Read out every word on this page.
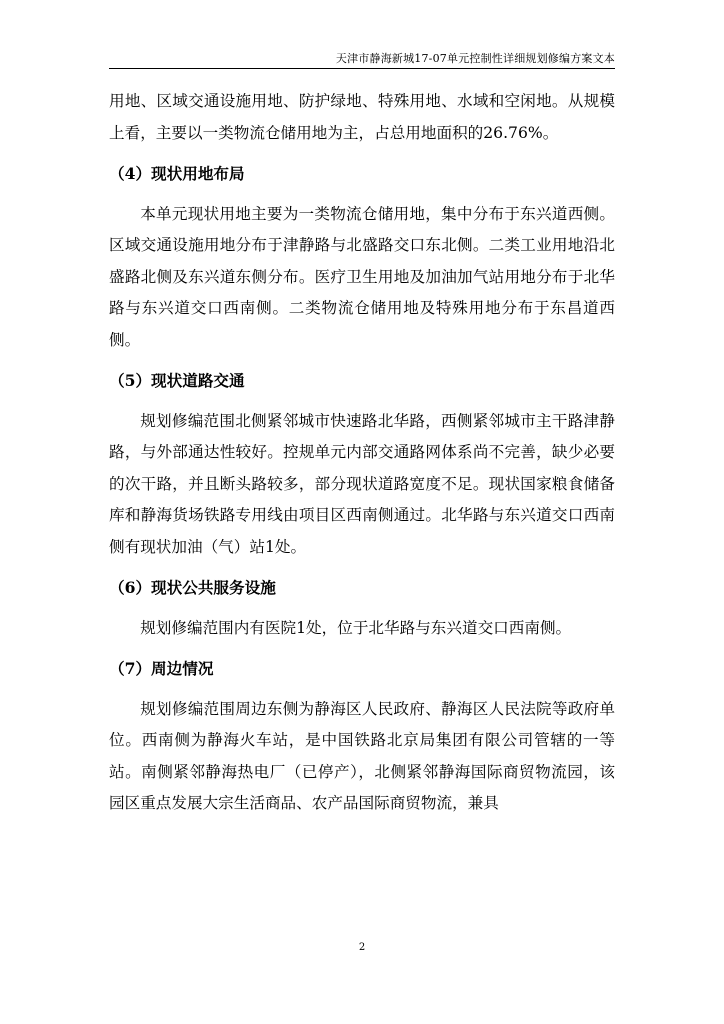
天津市静海新城17-07单元控制性详细规划修编方案文本

用地、区域交通设施用地、防护绿地、特殊用地、水域和空闲地。从规模上看，主要以一类物流仓储用地为主，占总用地面积的26.76%。

（4）现状用地布局

本单元现状用地主要为一类物流仓储用地，集中分布于东兴道西侧。区域交通设施用地分布于津静路与北盛路交口东北侧。二类工业用地沿北盛路北侧及东兴道东侧分布。医疗卫生用地及加油加气站用地分布于北华路与东兴道交口西南侧。二类物流仓储用地及特殊用地分布于东昌道西侧。

（5）现状道路交通

规划修编范围北侧紧邻城市快速路北华路，西侧紧邻城市主干路津静路，与外部通达性较好。控规单元内部交通路网体系尚不完善，缺少必要的次干路，并且断头路较多，部分现状道路宽度不足。现状国家粮食储备库和静海货场铁路专用线由项目区西南侧通过。北华路与东兴道交口西南侧有现状加油（气）站1处。

（6）现状公共服务设施

规划修编范围内有医院1处，位于北华路与东兴道交口西南侧。

（7）周边情况

规划修编范围周边东侧为静海区人民政府、静海区人民法院等政府单位。西南侧为静海火车站，是中国铁路北京局集团有限公司管辖的一等站。南侧紧邻静海热电厂（已停产），北侧紧邻静海国际商贸物流园，该园区重点发展大宗生活商品、农产品国际商贸物流，兼具

2
